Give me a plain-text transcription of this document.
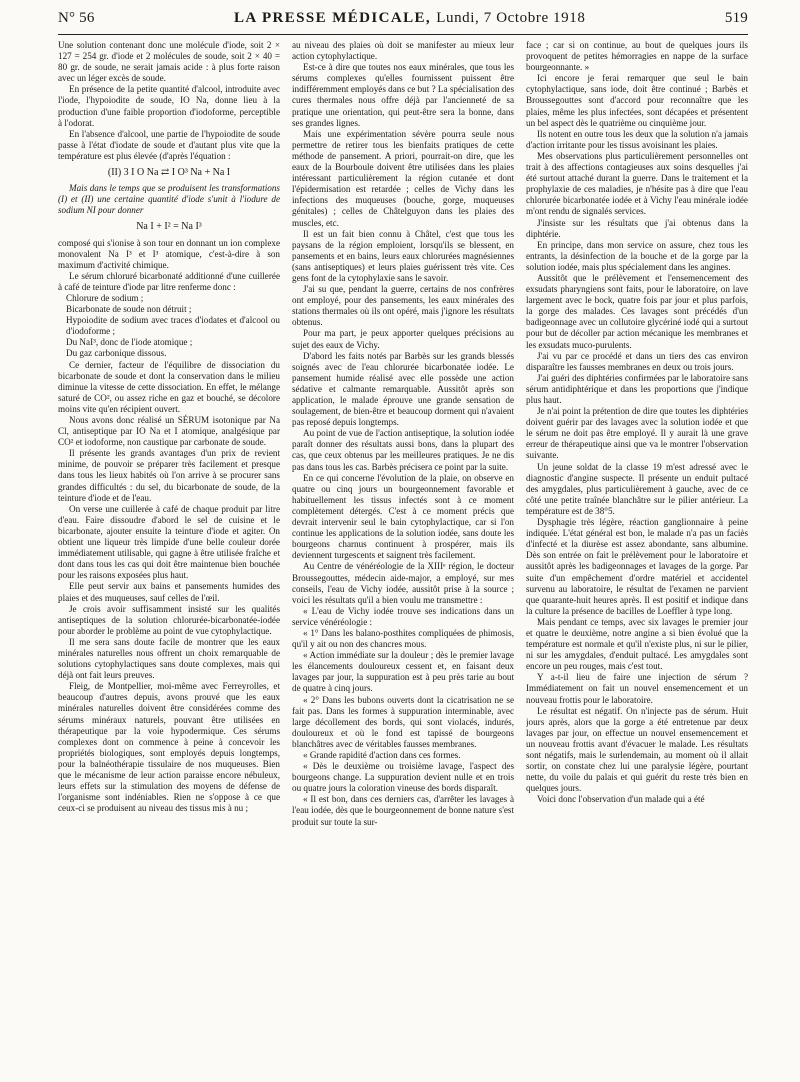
N° 56	LA PRESSE MÉDICALE, Lundi, 7 Octobre 1918	519

Une solution contenant donc une molécule d'iode, soit 2 × 127 = 254 gr. d'iode et 2 molécules de soude, soit 2 × 40 = 80 gr. de soude, ne serait jamais acide : à plus forte raison avec un léger excès de soude.

En présence de la petite quantité d'alcool, introduite avec l'iode, l'hypoiodite de soude, IO Na, donne lieu à la production d'une faible proportion d'iodoforme, perceptible à l'odorat.

En l'absence d'alcool, une partie de l'hypoiodite de soude passe à l'état d'iodate de soude et d'autant plus vite que la température est plus élevée (d'après l'équation :

(II) 3 I O Na ⇄ I O³ Na + Na I

Mais dans le temps que se produisent les transformations (I) et (II) une certaine quantité d'iode s'unit à l'iodure de sodium NI pour donner

Na I + I² = Na I³

composé qui s'ionise à son tour en donnant un ion complexe monovalent Na I³ et I³ atomique, c'est-à-dire à son maximum d'activité chimique.

Le sérum chloruré bicarbonaté additionné d'une cuillerée à café de teinture d'iode par litre renferme donc :

Chlorure de sodium ;

Bicarbonate de soude non détruit ;

Hypoiodite de sodium avec traces d'iodates et d'alcool ou d'iodoforme ;

Du NaI³, donc de l'iode atomique ;

Du gaz carbonique dissous.

Ce dernier, facteur de l'équilibre de dissociation du bicarbonate de soude et dont la conservation dans le milieu diminue la vitesse de cette dissociation. En effet, le mélange saturé de CO², ou assez riche en gaz et bouché, se décolore moins vite qu'en récipient ouvert.

Nous avons donc réalisé un SÉRUM isotonique par Na Cl, antiseptique par IO Na et I atomique, analgésique par CO² et iodoforme, non caustique par carbonate de soude.

Il présente les grands avantages d'un prix de revient minime, de pouvoir se préparer très facilement et presque dans tous les lieux habités où l'on arrive à se procurer sans grandes difficultés : du sel, du bicarbonate de soude, de la teinture d'iode et de l'eau.

On verse une cuillerée à café de chaque produit par litre d'eau. Faire dissoudre d'abord le sel de cuisine et le bicarbonate, ajouter ensuite la teinture d'iode et agiter. On obtient une liqueur très limpide d'une belle couleur dorée immédiatement utilisable, qui gagne à être utilisée fraîche et dont dans tous les cas qui doit être maintenue bien bouchée pour les raisons exposées plus haut.

Elle peut servir aux bains et pansements humides des plaies et des muqueuses, sauf celles de l'œil.

Je crois avoir suffisamment insisté sur les qualités antiseptiques de la solution chlorurée-bicarbonatée-iodée pour aborder le problème au point de vue cytophylactique.

Il me sera sans doute facile de montrer que les eaux minérales naturelles nous offrent un choix remarquable de solutions cytophylactiques sans doute complexes, mais qui déjà ont fait leurs preuves.

Fleig, de Montpellier, moi-même avec Ferreyrolles, et beaucoup d'autres depuis, avons prouvé que les eaux minérales naturelles doivent être considérées comme des sérums minéraux naturels, pouvant être utilisées en thérapeutique par la voie hypodermique. Ces sérums complexes dont on commence à peine à concevoir les propriétés biologiques, sont employés depuis longtemps, pour la balnéothérapie tissulaire de nos muqueuses. Bien que le mécanisme de leur action paraisse encore nébuleux, leurs effets sur la stimulation des moyens de défense de l'organisme sont indéniables. Rien ne s'oppose à ce que ceux-ci se produisent au niveau des tissus mis à nu ;

au niveau des plaies où doit se manifester au mieux leur action cytophylactique.

Est-ce à dire que toutes nos eaux minérales, que tous les sérums complexes qu'elles fournissent puissent être indifféremment employés dans ce but ? La spécialisation des cures thermales nous offre déjà par l'ancienneté de sa pratique une orientation, qui peut-être sera la bonne, dans ses grandes lignes.

Mais une expérimentation sévère pourra seule nous permettre de retirer tous les bienfaits pratiques de cette méthode de pansement. A priori, pourrait-on dire, que les eaux de la Bourboule doivent être utilisées dans les plaies intéressant particulièrement la région cutanée et dont l'épidermisation est retardée ; celles de Vichy dans les infections des muqueuses (bouche, gorge, muqueuses génitales) ; celles de Châtelguyon dans les plaies des muscles, etc.

Il est un fait bien connu à Châtel, c'est que tous les paysans de la région emploient, lorsqu'ils se blessent, en pansements et en bains, leurs eaux chlorurées magnésiennes (sans antiseptiques) et leurs plaies guérissent très vite. Ces gens font de la cytophylaxie sans le savoir.

J'ai su que, pendant la guerre, certains de nos confrères ont employé, pour des pansements, les eaux minérales des stations thermales où ils ont opéré, mais j'ignore les résultats obtenus.

Pour ma part, je peux apporter quelques précisions au sujet des eaux de Vichy.

D'abord les faits notés par Barbès sur les grands blessés soignés avec de l'eau chlorurée bicarbonatée iodée. Le pansement humide réalisé avec elle possède une action sédative et calmante remarquable. Aussitôt après son application, le malade éprouve une grande sensation de soulagement, de bien-être et beaucoup dorment qui n'avaient pas reposé depuis longtemps.

Au point de vue de l'action antiseptique, la solution iodée paraît donner des résultats aussi bons, dans la plupart des cas, que ceux obtenus par les meilleures pratiques. Je ne dis pas dans tous les cas. Barbès précisera ce point par la suite.

En ce qui concerne l'évolution de la plaie, on observe en quatre ou cinq jours un bourgeonnement favorable et habituellement les tissus infectés sont à ce moment complètement détergés. C'est à ce moment précis que devrait intervenir seul le bain cytophylactique, car si l'on continue les applications de la solution iodée, sans doute les bourgeons charnus continuent à prospérer, mais ils deviennent turgescents et saignent très facilement.

Au Centre de vénéréologie de la XIIIᵉ région, le docteur Broussegouttes, médecin aide-major, a employé, sur mes conseils, l'eau de Vichy iodée, aussitôt prise à la source ; voici les résultats qu'il a bien voulu me transmettre :

« L'eau de Vichy iodée trouve ses indications dans un service vénéréologie :

« 1° Dans les balano-posthites compliquées de phimosis, qu'il y ait ou non des chancres mous.

« Action immédiate sur la douleur ; dès le premier lavage les élancements douloureux cessent et, en faisant deux lavages par jour, la suppuration est à peu près tarie au bout de quatre à cinq jours.

« 2° Dans les bubons ouverts dont la cicatrisation ne se fait pas. Dans les formes à suppuration interminable, avec large décollement des bords, qui sont violacés, indurés, douloureux et où le fond est tapissé de bourgeons blanchâtres avec de véritables fausses membranes.

« Grande rapidité d'action dans ces formes.

« Dès le deuxième ou troisième lavage, l'aspect des bourgeons change. La suppuration devient nulle et en trois ou quatre jours la coloration vineuse des bords disparaît.

« Il est bon, dans ces derniers cas, d'arrêter les lavages à l'eau iodée, dès que le bourgeonnement de bonne nature s'est produit sur toute la sur-

face ; car si on continue, au bout de quelques jours ils provoquent de petites hémorragies en nappe de la surface bourgeonnante. »

Ici encore je ferai remarquer que seul le bain cytophylactique, sans iode, doit être continué ; Barbès et Broussegouttes sont d'accord pour reconnaître que les plaies, même les plus infectées, sont décapées et présentent un bel aspect dès le quatrième ou cinquième jour.

Ils notent en outre tous les deux que la solution n'a jamais d'action irritante pour les tissus avoisinant les plaies.

Mes observations plus particulièrement personnelles ont trait à des affections contagieuses aux soins desquelles j'ai été surtout attaché durant la guerre. Dans le traitement et la prophylaxie de ces maladies, je n'hésite pas à dire que l'eau chlorurée bicarbonatée iodée et à Vichy l'eau minérale iodée m'ont rendu de signalés services.

J'insiste sur les résultats que j'ai obtenus dans la diphtérie.

En principe, dans mon service on assure, chez tous les entrants, la désinfection de la bouche et de la gorge par la solution iodée, mais plus spécialement dans les angines.

Aussitôt que le prélèvement et l'ensemencement des exsudats pharyngiens sont faits, pour le laboratoire, on lave largement avec le bock, quatre fois par jour et plus parfois, la gorge des malades. Ces lavages sont précédés d'un badigeonnage avec un collutoire glycériné iodé qui a surtout pour but de décoller par action mécanique les membranes et les exsudats muco-purulents.

J'ai vu par ce procédé et dans un tiers des cas environ disparaître les fausses membranes en deux ou trois jours.

J'ai guéri des diphtéries confirmées par le laboratoire sans sérum antidiphtérique et dans les proportions que j'indique plus haut.

Je n'ai point la prétention de dire que toutes les diphtéries doivent guérir par des lavages avec la solution iodée et que le sérum ne doit pas être employé. Il y aurait là une grave erreur de thérapeutique ainsi que va le montrer l'observation suivante.

Un jeune soldat de la classe 19 m'est adressé avec le diagnostic d'angine suspecte. Il présente un enduit pultacé des amygdales, plus particulièrement à gauche, avec de ce côté une petite traînée blanchâtre sur le pilier antérieur. La température est de 38°5.

Dysphagie très légère, réaction ganglionnaire à peine indiquée. L'état général est bon, le malade n'a pas un faciès d'infecté et la diurèse est assez abondante, sans albumine. Dès son entrée on fait le prélèvement pour le laboratoire et aussitôt après les badigeonnages et lavages de la gorge. Par suite d'un empêchement d'ordre matériel et accidentel survenu au laboratoire, le résultat de l'examen ne parvient que quarante-huit heures après. Il est positif et indique dans la culture la présence de bacilles de Loeffler à type long.

Mais pendant ce temps, avec six lavages le premier jour et quatre le deuxième, notre angine a si bien évolué que la température est normale et qu'il n'existe plus, ni sur le pilier, ni sur les amygdales, d'enduit pultacé. Les amygdales sont encore un peu rouges, mais c'est tout.

Y a-t-il lieu de faire une injection de sérum ? Immédiatement on fait un nouvel ensemencement et un nouveau frottis pour le laboratoire.

Le résultat est négatif. On n'injecte pas de sérum. Huit jours après, alors que la gorge a été entretenue par deux lavages par jour, on effectue un nouvel ensemencement et un nouveau frottis avant d'évacuer le malade. Les résultats sont négatifs, mais le surlendemain, au moment où il allait sortir, on constate chez lui une paralysie légère, pourtant nette, du voile du palais et qui guérit du reste très bien en quelques jours.

Voici donc l'observation d'un malade qui a été
